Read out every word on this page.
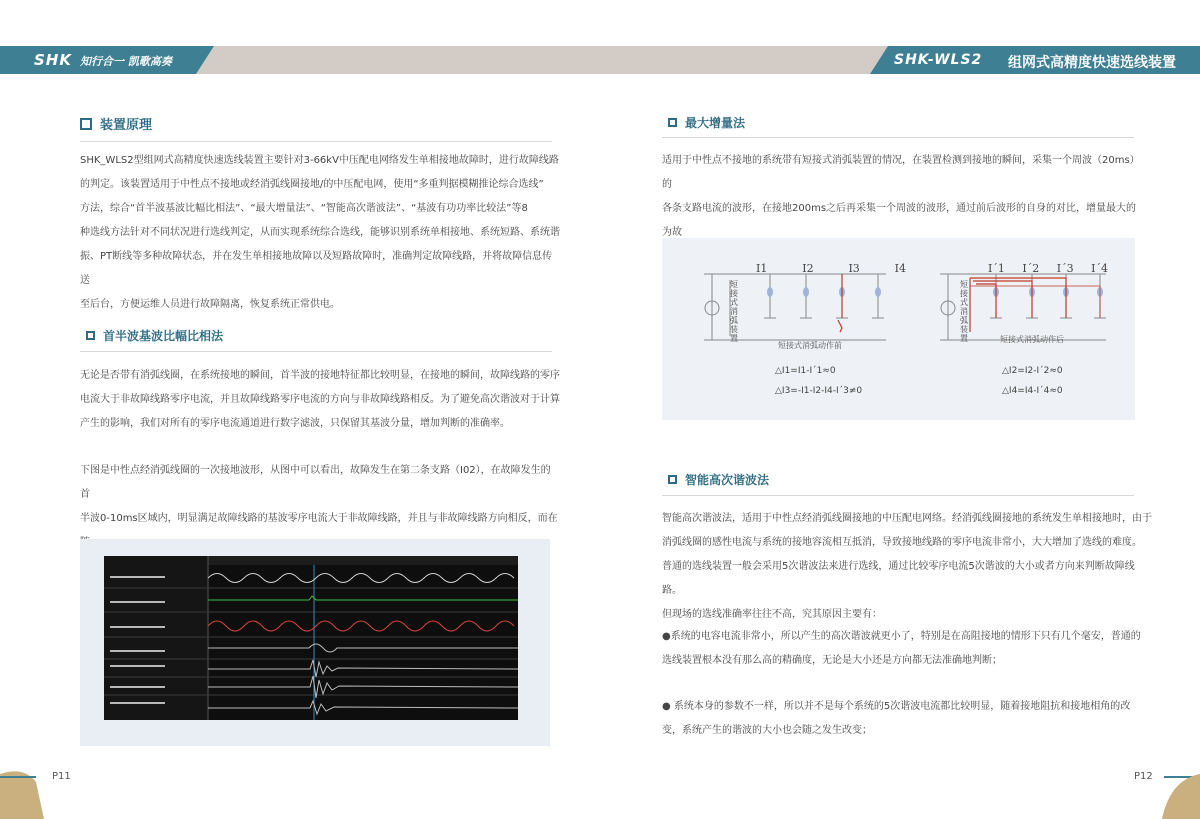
SHK 知行合一 凯歌高奏	SHK-WLS2 组网式高精度快速选线装置
装置原理

SHK_WLS2型组网式高精度快速选线装置主要针对3-66kV中压配电网络发生单相接地故障时，进行故障线路

的判定。该装置适用于中性点不接地或经消弧线圈接地/的中压配电网，使用“多重判据模糊推论综合选线”

方法，综合“首半波基波比幅比相法”、“最大增量法”、“智能高次谐波法”、“基波有功功率比较法”等8

种选线方法针对不同状况进行选线判定，从而实现系统综合选线，能够识别系统单相接地、系统短路、系统谐

振、PT断线等多种故障状态，并在发生单相接地故障以及短路故障时，准确判定故障线路，并将故障信息传送

至后台，方便运维人员进行故障隔离，恢复系统正常供电。

首半波基波比幅比相法

无论是否带有消弧线圈，在系统接地的瞬间，首半波的接地特征都比较明显，在接地的瞬间，故障线路的零序

电流大于非故障线路零序电流，并且故障线路零序电流的方向与非故障线路相反。为了避免高次谐波对于计算

产生的影响，我们对所有的零序电流通道进行数字滤波，只保留其基波分量，增加判断的准确率。

下图是中性点经消弧线圈的一次接地波形，从图中可以看出，故障发生在第二条支路（I02），在故障发生的首

半波0-10ms区域内，明显满足故障线路的基波零序电流大于非故障线路，并且与非故障线路方向相反，而在

P11
最大增量法

适用于中性点不接地的系统带有短接式消弧装置的情况，在装置检测到接地的瞬间，采集一个周波（20ms）的

各条支路电流的波形，在接地200ms之后再采集一个周波的波形，通过前后波形的自身的对比，增量最大的为故

I1	I2	I3	I4
短接式消弧装置
短接式消弧动作前
△I1=I1-I´1≈0
△I3=-I1-I2-I4-I´3≠0
I´1 I´2 I´3 I´4
短接式消弧装置	短接式消弧动作后
△I2=I2-I´2≈0
△I4=I4-I´4≈0
智能高次谐波法

智能高次谐波法，适用于中性点经消弧线圈接地的中压配电网络。经消弧线圈接地的系统发生单相接地时，由于

消弧线圈的感性电流与系统的接地容流相互抵消，导致接地线路的零序电流非常小，大大增加了选线的难度。

普通的选线装置一般会采用5次谐波法来进行选线，通过比较零序电流5次谐波的大小或者方向来判断故障线路。

但现场的选线准确率往往不高，究其原因主要有：

●系统的电容电流非常小，所以产生的高次谐波就更小了，特别是在高阻接地的情形下只有几个毫安，普通的

选线装置根本没有那么高的精确度，无论是大小还是方向都无法准确地判断；

● 系统本身的参数不一样，所以并不是每个系统的5次谐波电流都比较明显，随着接地阻抗和接地相角的改

变，系统产生的谐波的大小也会随之发生改变；

P12
